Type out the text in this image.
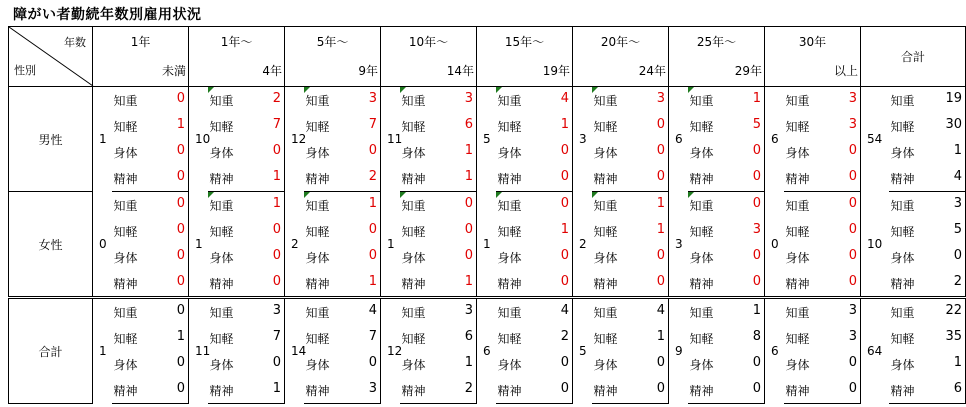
障がい者勤続年数別雇用状況
年数
性別	1年		1年～		5年～		10年～		15年～		20年～		25年～		30年		合計	
	未満		4年		9年		14年		19年		24年		29年		以上			
男性	1	知重 0	10	知重 2	12	知重 3	11	知重 3	5	知重 4	3	知重 3	6	知重 1	6	知重 3	54	知重 19

		知軽 1		知軽 7		知軽 7		知軽 6		知軽 1		知軽 0		知軽 5		知軽 3		知軽 30

		身体 0		身体 0		身体 0		身体 1		身体 0		身体 0		身体 0		身体 0		身体 1

		精神 0		精神 1		精神 2		精神 1		精神 0		精神 0		精神 0		精神 0		精神 4

女性	0	知重 0	1	知重 1	2	知重 1	1	知重 0	1	知重 0	2	知重 1	3	知重 0	0	知重 0	10	知重 3

		知軽 0		知軽 0		知軽 0		知軽 0		知軽 1		知軽 1		知軽 3		知軽 0		知軽 5

		身体 0		身体 0		身体 0		身体 0		身体 0		身体 0		身体 0		身体 0		身体 0

		精神 0		精神 0		精神 1		精神 1		精神 0		精神 0		精神 0		精神 0		精神 2

合計	1	知重 0	11	知重 3	14	知重 4	12	知重 3	6	知重 4	5	知重 4	9	知重 1	6	知重 3	64	知重 22

		知軽 1		知軽 7		知軽 7		知軽 6		知軽 2		知軽 1		知軽 8		知軽 3		知軽 35

		身体 0		身体 0		身体 0		身体 1		身体 0		身体 0		身体 0		身体 0		身体 1

		精神 0		精神 1		精神 3		精神 2		精神 0		精神 0		精神 0		精神 0		精神 6
